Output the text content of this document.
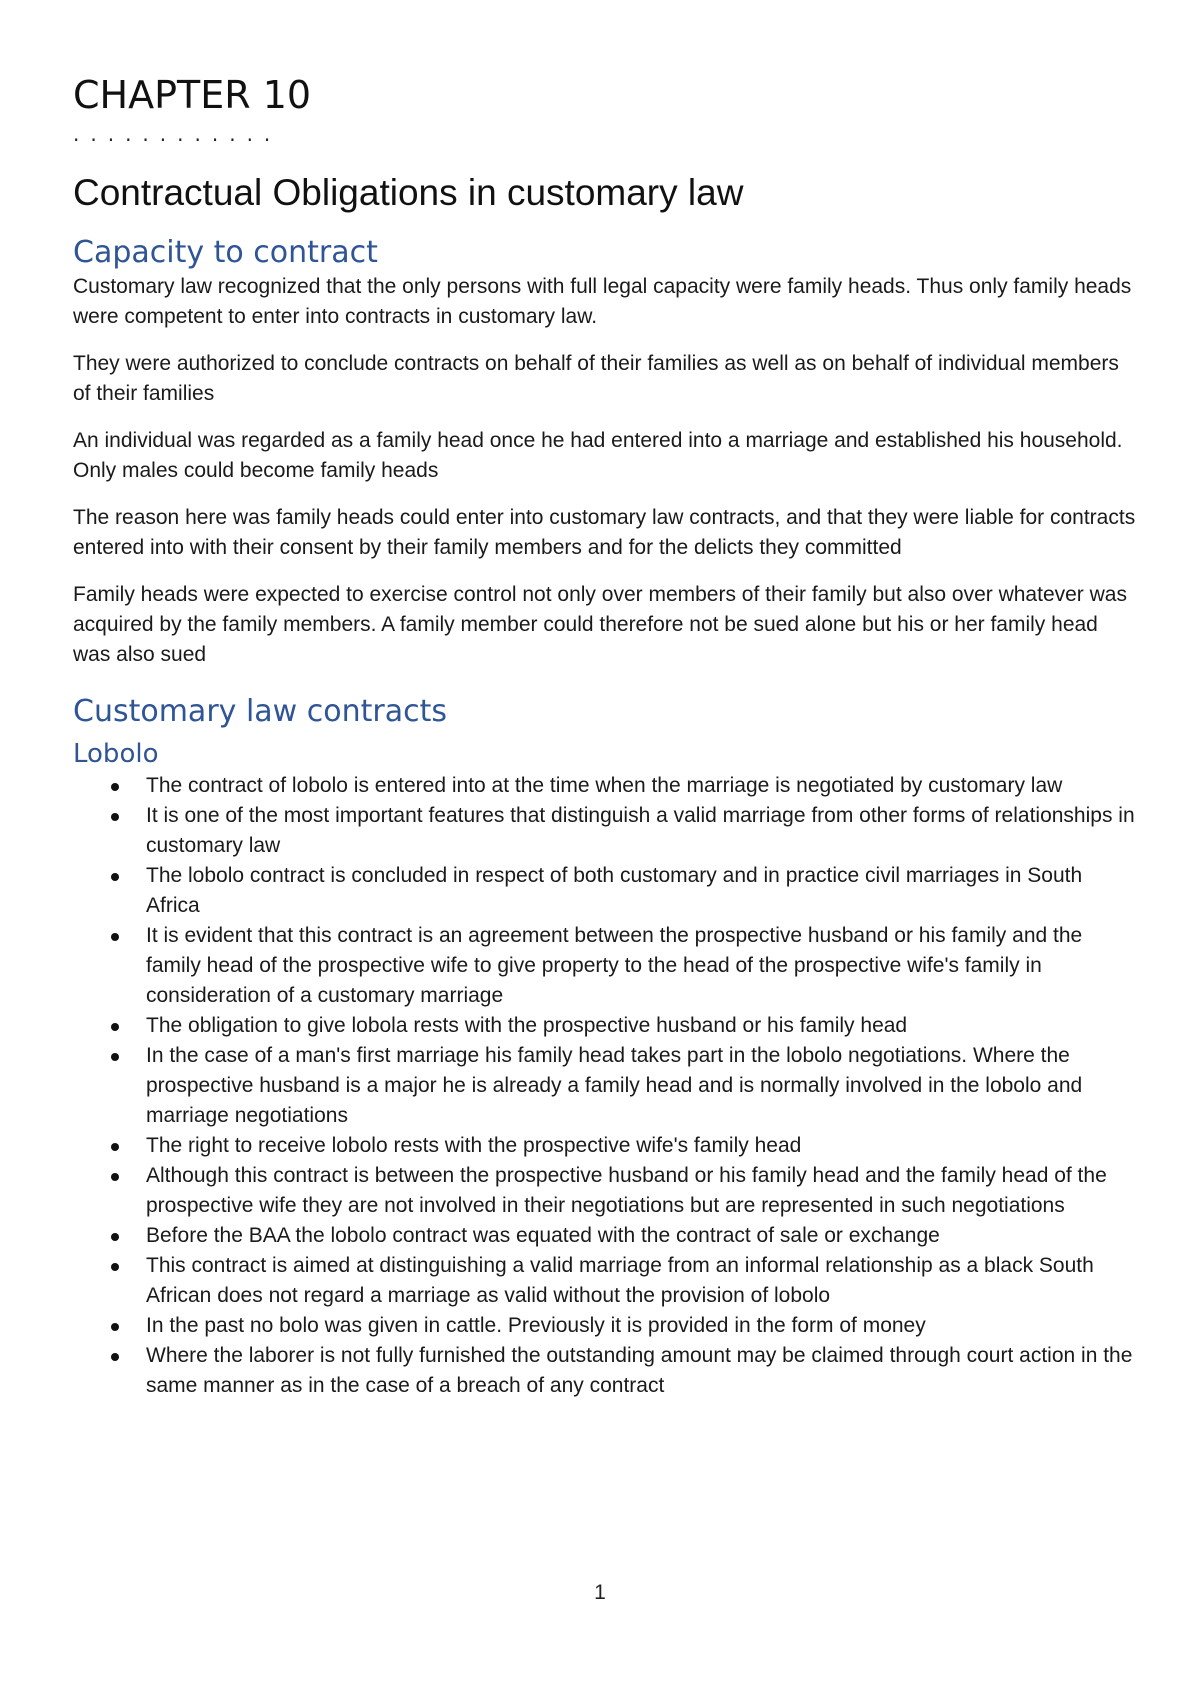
CHAPTER 10
............
Contractual Obligations in customary law
Capacity to contract

Customary law recognized that the only persons with full legal capacity were family heads. Thus only family heads were competent to enter into contracts in customary law.

They were authorized to conclude contracts on behalf of their families as well as on behalf of individual members of their families

An individual was regarded as a family head once he had entered into a marriage and established his household. Only males could become family heads

The reason here was family heads could enter into customary law contracts, and that they were liable for contracts entered into with their consent by their family members and for the delicts they committed

Family heads were expected to exercise control not only over members of their family but also over whatever was acquired by the family members. A family member could therefore not be sued alone but his or her family head was also sued

Customary law contracts
Lobolo
The contract of lobolo is entered into at the time when the marriage is negotiated by customary law
It is one of the most important features that distinguish a valid marriage from other forms of relationships in customary law
The lobolo contract is concluded in respect of both customary and in practice civil marriages in South Africa
It is evident that this contract is an agreement between the prospective husband or his family and the family head of the prospective wife to give property to the head of the prospective wife's family in consideration of a customary marriage
The obligation to give lobola rests with the prospective husband or his family head
In the case of a man's first marriage his family head takes part in the lobolo negotiations. Where the prospective husband is a major he is already a family head and is normally involved in the lobolo and marriage negotiations
The right to receive lobolo rests with the prospective wife's family head
Although this contract is between the prospective husband or his family head and the family head of the prospective wife they are not involved in their negotiations but are represented in such negotiations
Before the BAA the lobolo contract was equated with the contract of sale or exchange
This contract is aimed at distinguishing a valid marriage from an informal relationship as a black South African does not regard a marriage as valid without the provision of lobolo
In the past no bolo was given in cattle. Previously it is provided in the form of money
Where the laborer is not fully furnished the outstanding amount may be claimed through court action in the same manner as in the case of a breach of any contract
1
